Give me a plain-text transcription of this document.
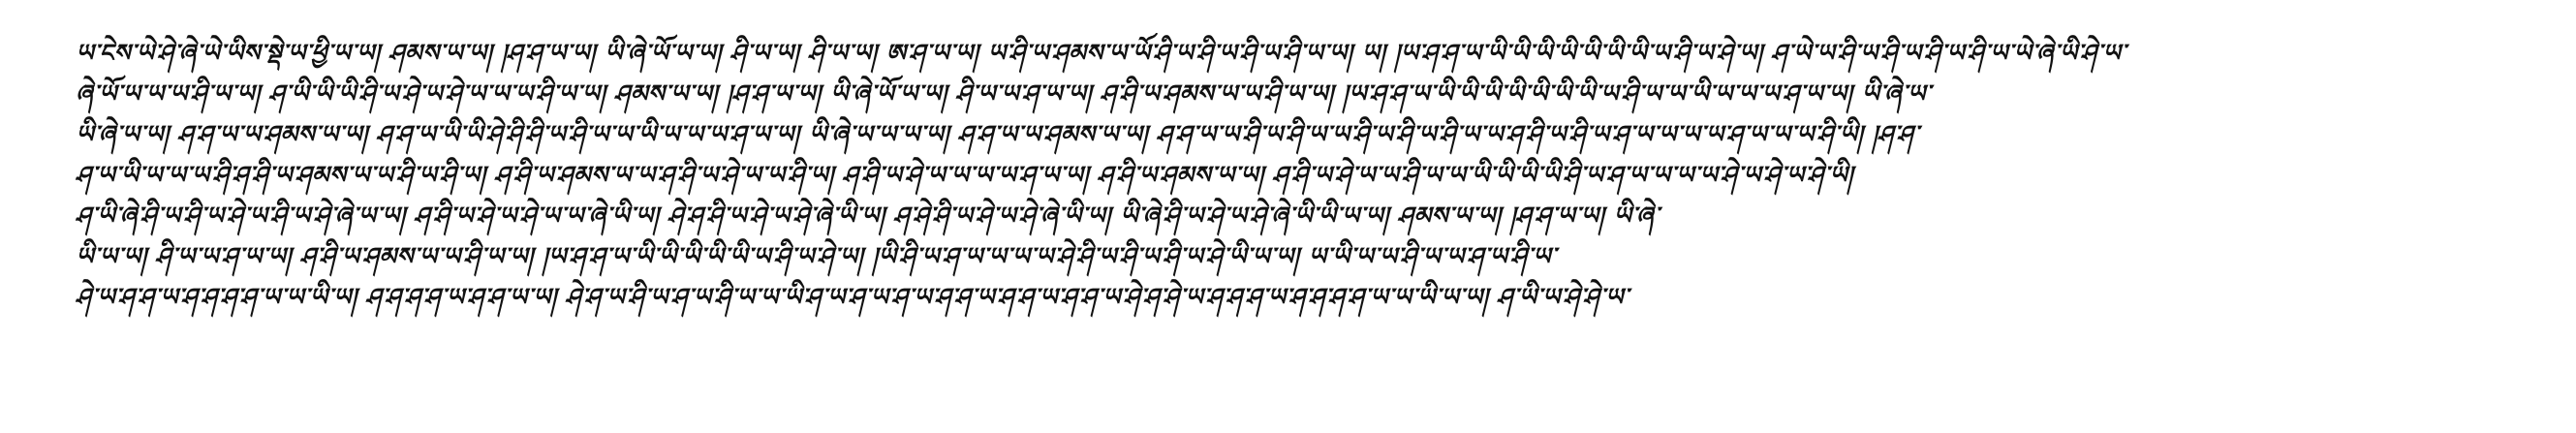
ཡ་ངེས་ཡེ་ཤེ་ཞེ་ཡེ་ཡིས་སྡེ་ཡ་ཕྱི་ཡ་ཡ། ཤམས་ཡ་ཡ། །ཤ་ཤ་ཡ་ཡ། ཡི་ཞེ་ཡོ་ཡ་ཡ། ཤི་ཡ་ཡ། ཤི་ཡ་ཡ། ཨ་ཤ་ཡ་ཡ། ཡ་ཤི་ཡ་ཤམས་ཡ་ཡོ་ཤི་ཡ་ཤི་ཡ་ཤི་ཡ་ཤི་ཡ་ཡ། ཡ། །ཡ་ཤ་ཤ་ཡ་ཡི་ཡི་ཡི་ཡི་ཡི་ཡི་ཡི་ཡ་ཤི་ཡ་ཤེ་ཡ། ཤ་ཡེ་ཡ་ཤི་ཡ་ཤི་ཡ་ཤི་ཡ་ཤི་ཡ་ཡེ་ཞེ་ཡི་ཤེ་ཡ་
ཞེ་ཡོ་ཡ་ཡ་ཡ་ཤི་ཡ་ཡ། ཤ་ཡི་ཡི་ཡི་ཤི་ཡ་ཤེ་ཡ་ཤེ་ཡ་ཡ་ཡ་ཤི་ཡ་ཡ། ཤམས་ཡ་ཡ། །ཤ་ཤ་ཡ་ཡ། ཡི་ཞེ་ཡོ་ཡ་ཡ། ཤི་ཡ་ཡ་ཤ་ཡ་ཡ། ཤ་ཤི་ཡ་ཤམས་ཡ་ཡ་ཤི་ཡ་ཡ། །ཡ་ཤ་ཤ་ཡ་ཡི་ཡི་ཡི་ཡི་ཡི་ཡི་ཡི་ཡ་ཤི་ཡ་ཡ་ཡི་ཡ་ཡ་ཡ་ཤ་ཡ་ཡ། ཡི་ཞེ་ཡ་
ཡི་ཞེ་ཡ་ཡ། ཤ་ཤ་ཡ་ཡ་ཤམས་ཡ་ཡ། ཤ་ཤ་ཡ་ཡི་ཡི་ཤེ་ཤི་ཤི་ཡ་ཤི་ཡ་ཡ་ཡི་ཡ་ཡ་ཡ་ཤ་ཡ་ཡ། ཡི་ཞེ་ཡ་ཡ་ཡ་ཡ། ཤ་ཤ་ཡ་ཡ་ཤམས་ཡ་ཡ། ཤ་ཤ་ཡ་ཡ་ཤི་ཡ་ཤི་ཡ་ཡ་ཤི་ཡ་ཤི་ཡ་ཤི་ཡ་ཡ་ཤ་ཤི་ཡ་ཤི་ཡ་ཤ་ཡ་ཡ་ཡ་ཡ་ཤ་ཡ་ཡ་ཡ་ཤི་ཡི། །ཤ་ཤ་
ཤ་ཡ་ཡི་ཡ་ཡ་ཡ་ཤི་ཤ་ཤི་ཡ་ཤམས་ཡ་ཡ་ཤི་ཡ་ཤི་ཡ། ཤ་ཤི་ཡ་ཤམས་ཡ་ཡ་ཤ་ཤི་ཡ་ཤེ་ཡ་ཡ་ཤི་ཡ། ཤ་ཤི་ཡ་ཤེ་ཡ་ཡ་ཡ་ཡ་ཤ་ཡ་ཡ། ཤ་ཤི་ཡ་ཤམས་ཡ་ཡ། ཤ་ཤི་ཡ་ཤེ་ཡ་ཡ་ཤི་ཡ་ཡ་ཡི་ཡི་ཡི་ཡི་ཤི་ཡ་ཤ་ཡ་ཡ་ཡ་ཡ་ཤེ་ཡ་ཤེ་ཡ་ཤེ་ཡི།
ཤ་ཡི་ཞེ་ཤི་ཡ་ཤི་ཡ་ཤེ་ཡ་ཤི་ཡ་ཤེ་ཞེ་ཡ་ཡ། ཤ་ཤི་ཡ་ཤེ་ཡ་ཤེ་ཡ་ཡ་ཞེ་ཡི་ཡ། ཤེ་ཤ་ཤི་ཡ་ཤེ་ཡ་ཤེ་ཞེ་ཡི་ཡ། ཤ་ཤེ་ཤི་ཡ་ཤེ་ཡ་ཤེ་ཞེ་ཡི་ཡ། ཡི་ཞེ་ཤི་ཡ་ཤེ་ཡ་ཤེ་ཞེ་ཡི་ཡི་ཡ་ཡ། ཤམས་ཡ་ཡ། །ཤ་ཤ་ཡ་ཡ། ཡི་ཞེ་
ཡི་ཡ་ཡ། ཤི་ཡ་ཡ་ཤ་ཡ་ཡ། ཤ་ཤི་ཡ་ཤམས་ཡ་ཡ་ཤི་ཡ་ཡ། །ཡ་ཤ་ཤ་ཡ་ཡི་ཡི་ཡི་ཡི་ཡི་ཡ་ཤི་ཡ་ཤེ་ཡ། །ཡི་ཤི་ཡ་ཤ་ཡ་ཡ་ཡ་ཡ་ཤེ་ཤི་ཡ་ཤི་ཡ་ཤི་ཡ་ཤེ་ཡི་ཡ་ཡ། ཡ་ཡི་ཡ་ཡ་ཤི་ཡ་ཡ་ཤ་ཡ་ཤི་ཡ་
ཤེ་ཡ་ཤ་ཤ་ཡ་ཤ་ཤ་ཤ་ཤ་ཡ་ཡ་ཡི་ཡ། ཤ་ཤ་ཤ་ཤ་ཡ་ཤ་ཤ་ཡ་ཡ། ཤེ་ཤ་ཡ་ཤི་ཡ་ཤ་ཡ་ཤི་ཡ་ཡ་ཡི་ཤ་ཡ་ཤ་ཡ་ཤ་ཡ་ཤ་ཤ་ཡ་ཤ་ཤ་ཡ་ཤ་ཤ་ཡ་ཤེ་ཤ་ཤེ་ཡ་ཤ་ཤ་ཤ་ཡ་ཤ་ཤ་ཤ་ཤ་ཡ་ཡ་ཡི་ཡ་ཡ། ཤ་ཡི་ཡ་ཤེ་ཤེ་ཡ་
